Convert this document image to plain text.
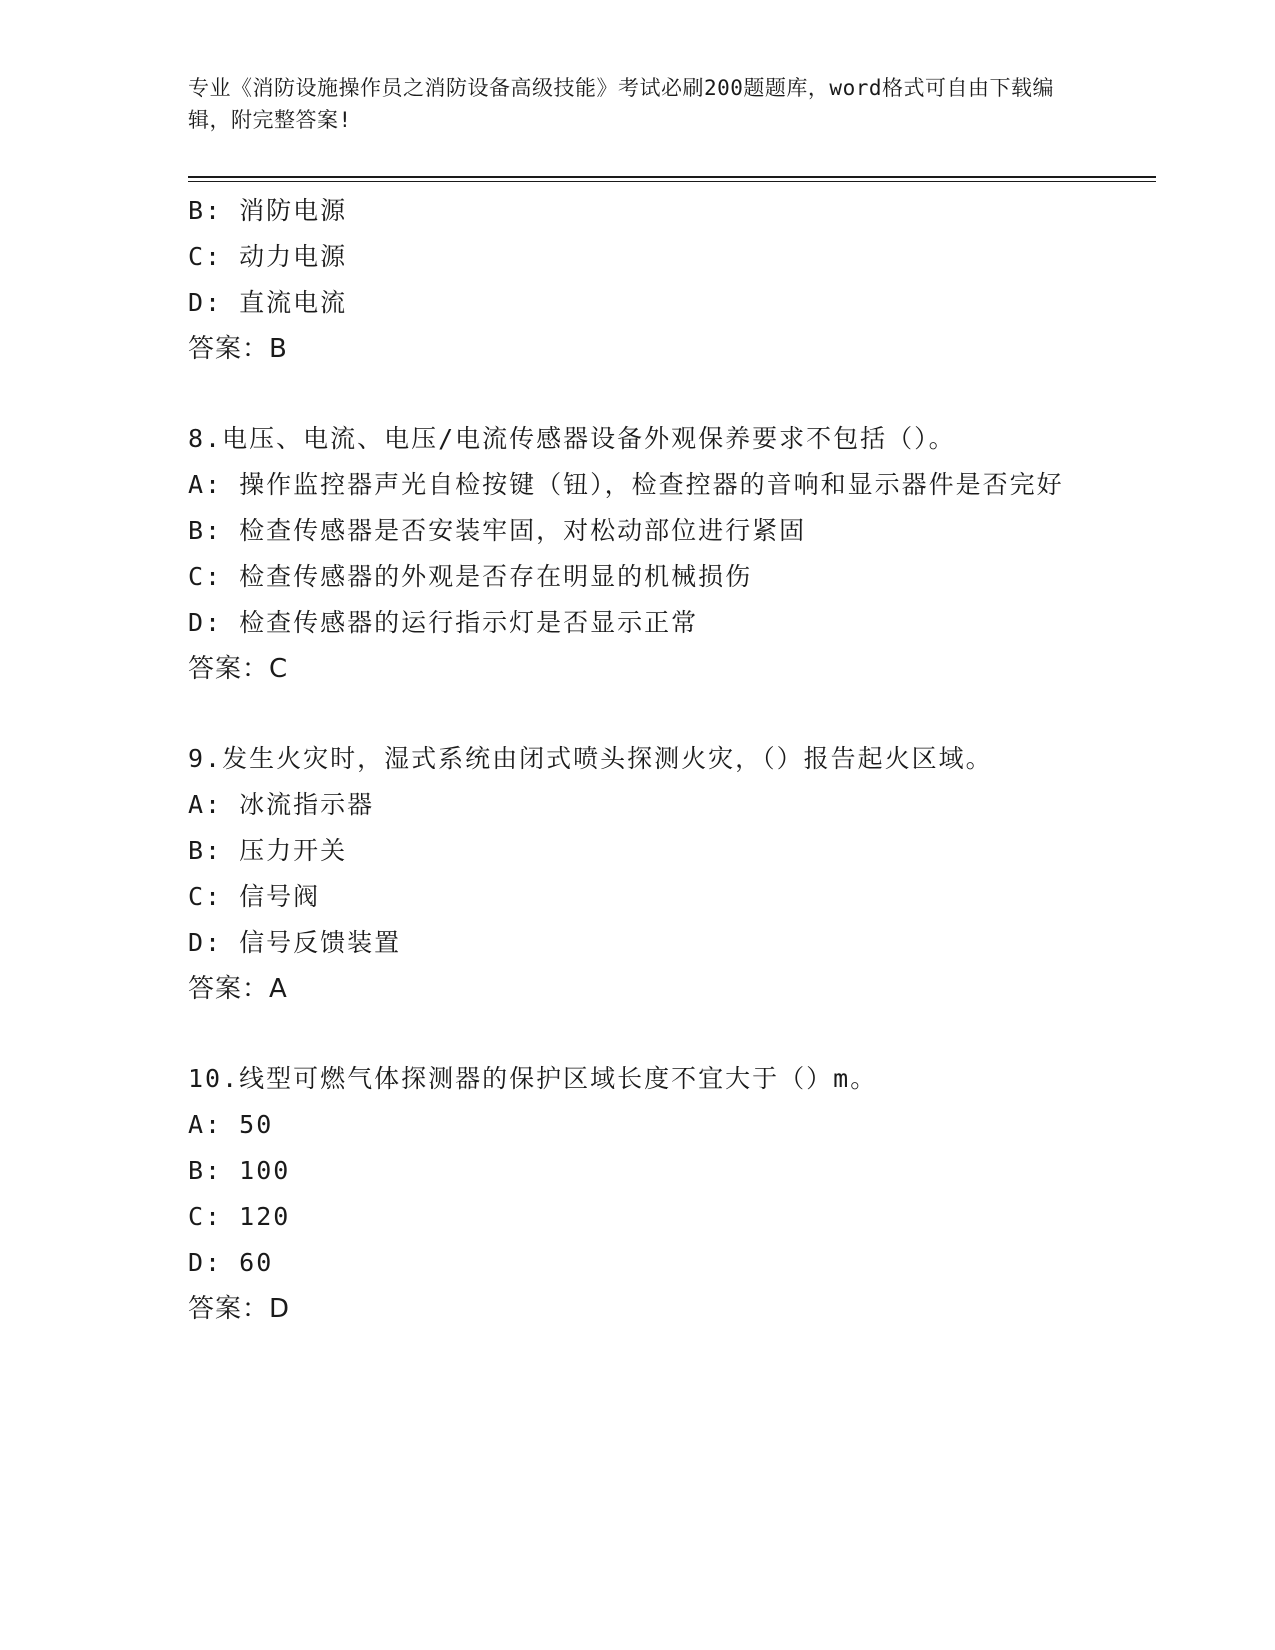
专业《消防设施操作员之消防设备高级技能》考试必刷200题题库，word格式可自由下载编辑，附完整答案!
B: 消防电源
C: 动力电源
D: 直流电流
答案：B
8.电压、电流、电压/电流传感器设备外观保养要求不包括（）。
A: 操作监控器声光自检按键（钮），检查控器的音响和显示器件是否完好
B: 检查传感器是否安装牢固，对松动部位进行紧固
C: 检查传感器的外观是否存在明显的机械损伤
D: 检查传感器的运行指示灯是否显示正常
答案：C
9.发生火灾时，湿式系统由闭式喷头探测火灾，（）报告起火区域。
A: 冰流指示器
B: 压力开关
C: 信号阀
D: 信号反馈装置
答案：A
10.线型可燃气体探测器的保护区域长度不宜大于（）m。
A: 50
B: 100
C: 120
D: 60
答案：D
